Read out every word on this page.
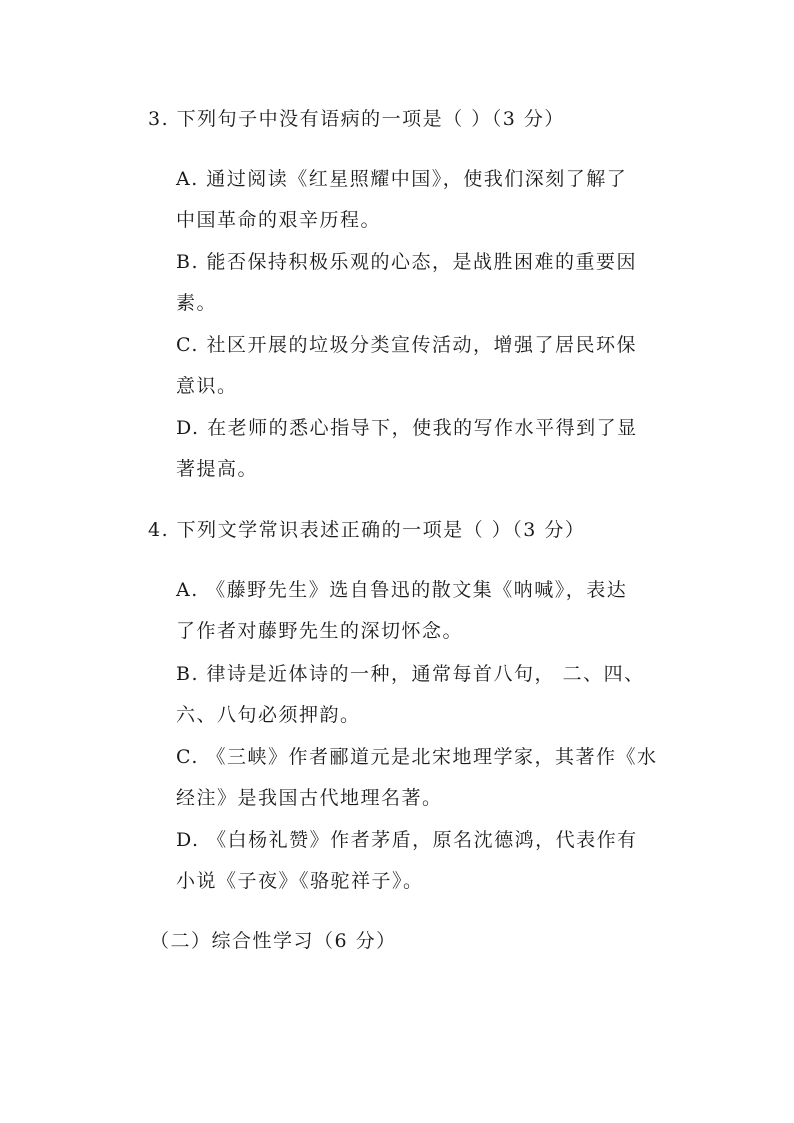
3. 下列句子中没有语病的一项是（ ）（3 分）
A. 通过阅读《红星照耀中国》，使我们深刻了解了
中国革命的艰辛历程。
B. 能否保持积极乐观的心态，是战胜困难的重要因
素。
C. 社区开展的垃圾分类宣传活动，增强了居民环保
意识。
D. 在老师的悉心指导下，使我的写作水平得到了显
著提高。
4. 下列文学常识表述正确的一项是（ ）（3 分）
A. 《藤野先生》选自鲁迅的散文集《呐喊》，表达
了作者对藤野先生的深切怀念。
B. 律诗是近体诗的一种，通常每首八句， 二、四、
六、八句必须押韵。
C. 《三峡》作者郦道元是北宋地理学家，其著作《水
经注》是我国古代地理名著。
D. 《白杨礼赞》作者茅盾，原名沈德鸿，代表作有
小说《子夜》《骆驼祥子》。
（二）综合性学习（6 分）
